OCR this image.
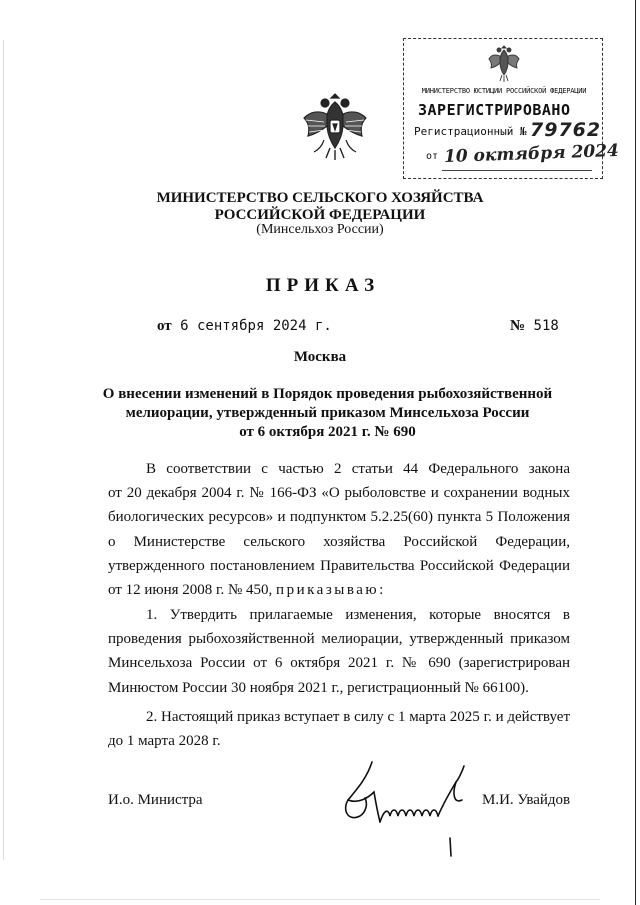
МИНИСТЕРСТВО ЮСТИЦИИ РОССИЙСКОЙ ФЕДЕРАЦИИ
ЗАРЕГИСТРИРОВАНО
Регистрационный № 79762
от 10 октября 2024
МИНИСТЕРСТВО СЕЛЬСКОГО ХОЗЯЙСТВА
РОССИЙСКОЙ ФЕДЕРАЦИИ
(Минсельхоз России)
ПРИКАЗ
от 6 сентября 2024 г.	№ 518
Москва
О внесении изменений в Порядок проведения рыбохозяйственной
мелиорации, утвержденный приказом Минсельхоза России
от 6 октября 2021 г. № 690
В соответствии с частью 2 статьи 44 Федерального закона
от 20 декабря 2004 г. № 166-ФЗ «О рыболовстве и сохранении водных
биологических ресурсов» и подпунктом 5.2.25(60) пункта 5 Положения
о Министерстве сельского хозяйства Российской Федерации,
утвержденного постановлением Правительства Российской Федерации
от 12 июня 2008 г. № 450, приказываю:
1. Утвердить прилагаемые изменения, которые вносятся в
проведения рыбохозяйственной мелиорации, утвержденный приказом
Минсельхоза России от 6 октября 2021 г. № 690 (зарегистрирован
Минюстом России 30 ноября 2021 г., регистрационный № 66100).
2. Настоящий приказ вступает в силу с 1 марта 2025 г. и действует
до 1 марта 2028 г.
И.о. Министра	М.И. Увайдов
